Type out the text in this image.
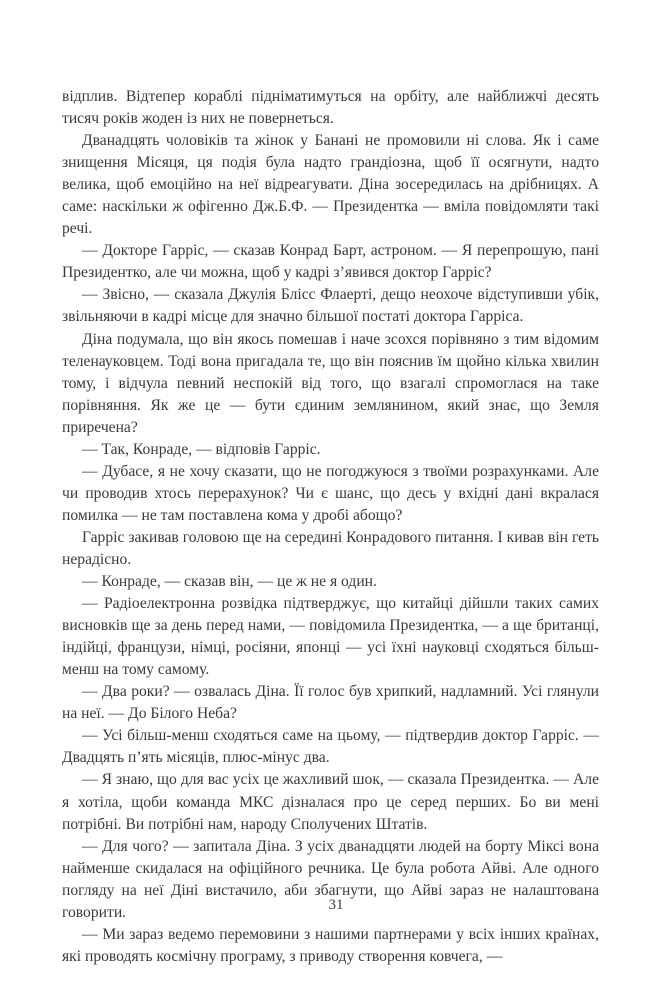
відплив. Відтепер кораблі підніматимуться на орбіту, але найближчі десять тисяч років жоден із них не повернеться.

Дванадцять чоловіків та жінок у Банані не промовили ні слова. Як і саме знищення Місяця, ця подія була надто грандіозна, щоб її осягнути, надто велика, щоб емоційно на неї відреагувати. Діна зосередилась на дрібницях. А саме: наскільки ж офігенно Дж.Б.Ф. — Президентка — вміла повідомляти такі речі.

— Докторе Гарріс, — сказав Конрад Барт, астроном. — Я перепрошую, пані Президентко, але чи можна, щоб у кадрі з’явився доктор Гарріс?

— Звісно, — сказала Джулія Блісс Флаерті, дещо неохоче відступивши убік, звільняючи в кадрі місце для значно більшої постаті доктора Гарріса.

Діна подумала, що він якось помешав і наче зсохся порівняно з тим відомим теленауковцем. Тоді вона пригадала те, що він пояснив їм щойно кілька хвилин тому, і відчула певний неспокій від того, що взагалі спромоглася на таке порівняння. Як же це — бути єдиним землянином, який знає, що Земля приречена?

— Так, Конраде, — відповів Гарріс.

— Дубасе, я не хочу сказати, що не погоджуюся з твоїми розрахунками. Але чи проводив хтось перерахунок? Чи є шанс, що десь у вхідні дані вкралася помилка — не там поставлена кома у дробі абощо?

Гарріс закивав головою ще на середині Конрадового питання. І кивав він геть нерадісно.

— Конраде, — сказав він, — це ж не я один.

— Радіоелектронна розвідка підтверджує, що китайці дійшли таких самих висновків ще за день перед нами, — повідомила Президентка, — а ще британці, індійці, французи, німці, росіяни, японці — усі їхні науковці сходяться більш-менш на тому самому.

— Два роки? — озвалась Діна. Її голос був хрипкий, надламний. Усі глянули на неї. — До Білого Неба?

— Усі більш-менш сходяться саме на цьому, — підтвердив доктор Гарріс. — Двадцять п’ять місяців, плюс-мінус два.

— Я знаю, що для вас усіх це жахливий шок, — сказала Президентка. — Але я хотіла, щоби команда МКС дізналася про це серед перших. Бо ви мені потрібні. Ви потрібні нам, народу Сполучених Штатів.

— Для чого? — запитала Діна. З усіх дванадцяти людей на борту Міксі вона найменше скидалася на офіційного речника. Це була робота Айві. Але одного погляду на неї Діні вистачило, аби збагнути, що Айві зараз не налаштована говорити.

— Ми зараз ведемо перемовини з нашими партнерами у всіх інших країнах, які проводять космічну програму, з приводу створення ковчега, —

31
